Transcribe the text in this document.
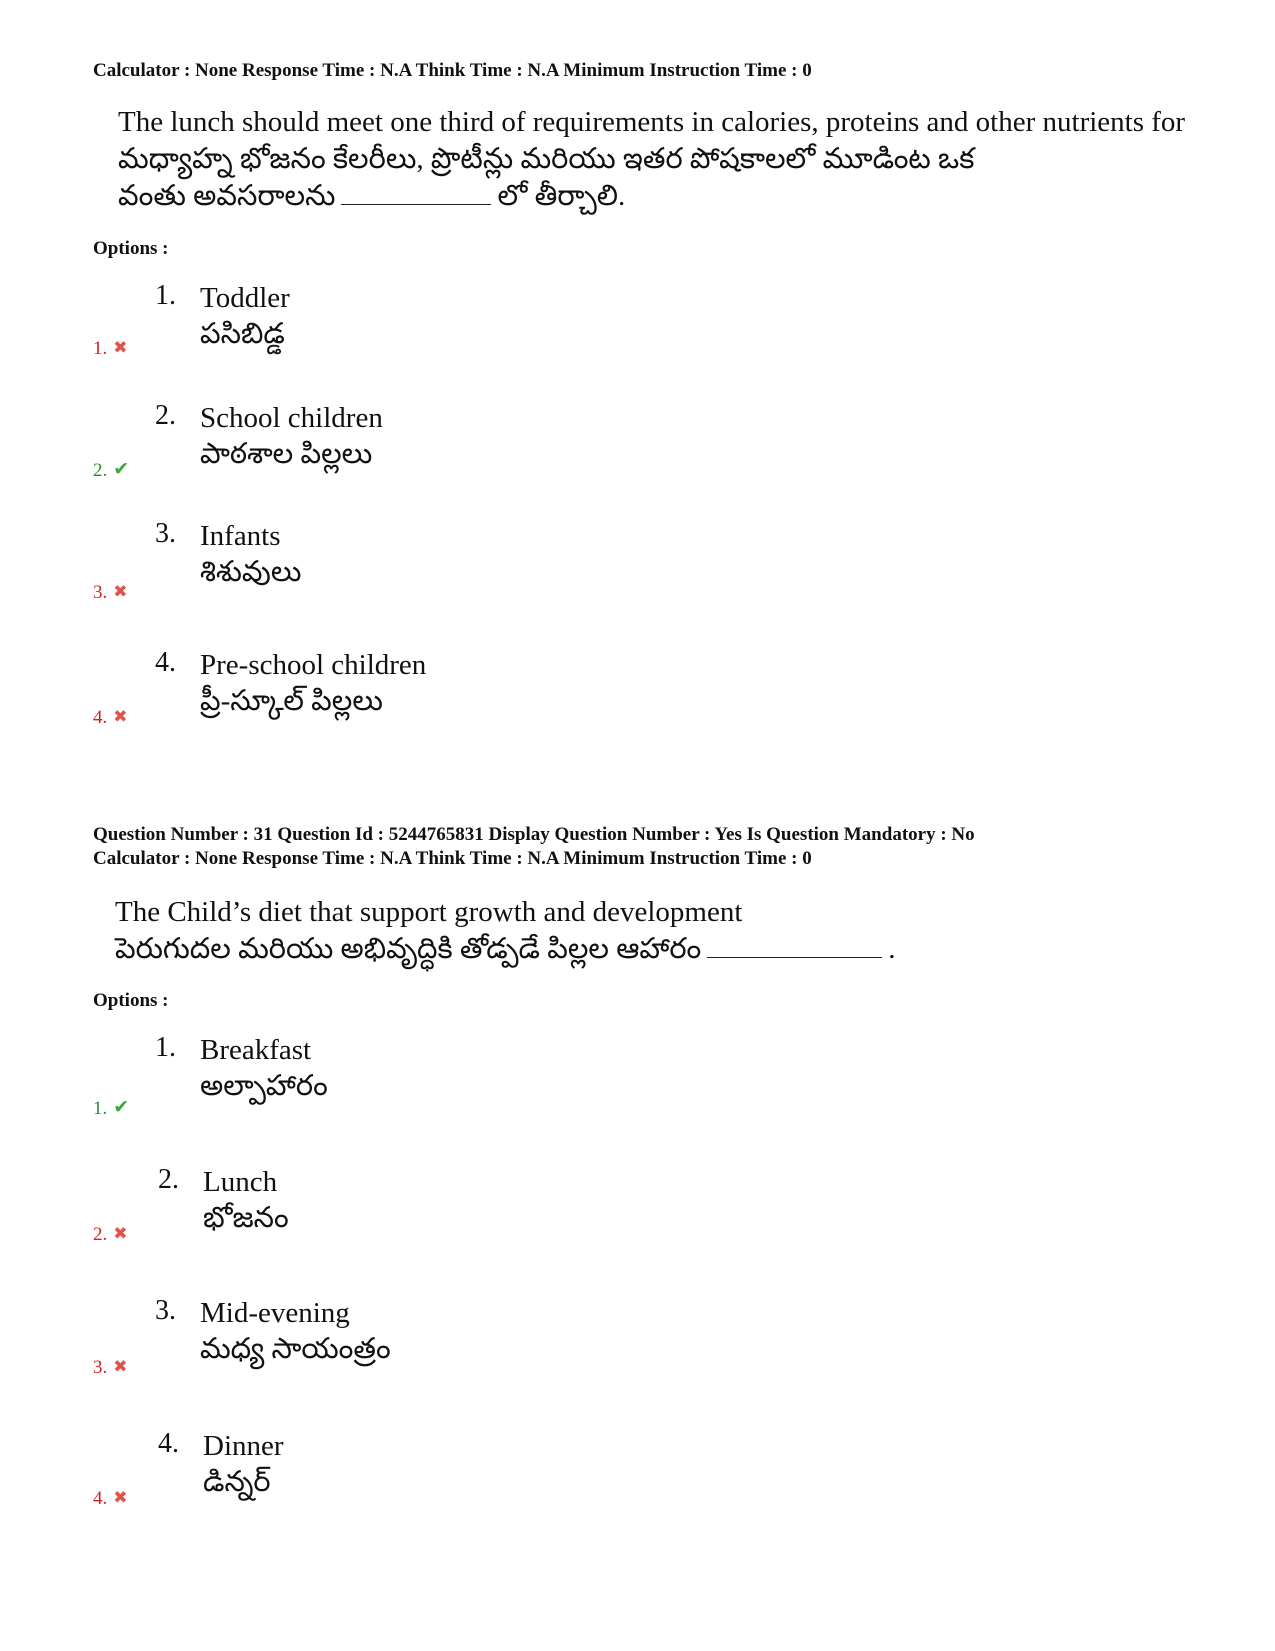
Calculator : None Response Time : N.A Think Time : N.A Minimum Instruction Time : 0
The lunch should meet one third of requirements in calories, proteins and other nutrients for
మధ్యాహ్న భోజనం కేలరీలు, ప్రొటీన్లు మరియు ఇతర పోషకాలలో మూడింట ఒక
వంతు అవసరాలను	లో తీర్చాలి.
Options :
1. Toddler
పసిబిడ్డ
1. ✖
2. School children
పాఠశాల పిల్లలు
2. ✔
3. Infants
శిశువులు
3. ✖
4. Pre-school children
ప్రీ-స్కూల్ పిల్లలు
4. ✖
Question Number : 31 Question Id : 5244765831 Display Question Number : Yes Is Question Mandatory : No
Calculator : None Response Time : N.A Think Time : N.A Minimum Instruction Time : 0
The Child’s diet that support growth and development
పెరుగుదల మరియు అభివృద్ధికి తోడ్పడే పిల్లల ఆహారం	.
Options :
1. Breakfast
అల్పాహారం
1. ✔
2. Lunch
భోజనం
2. ✖
3. Mid-evening
మధ్య సాయంత్రం
3. ✖
4. Dinner
డిన్నర్
4. ✖
